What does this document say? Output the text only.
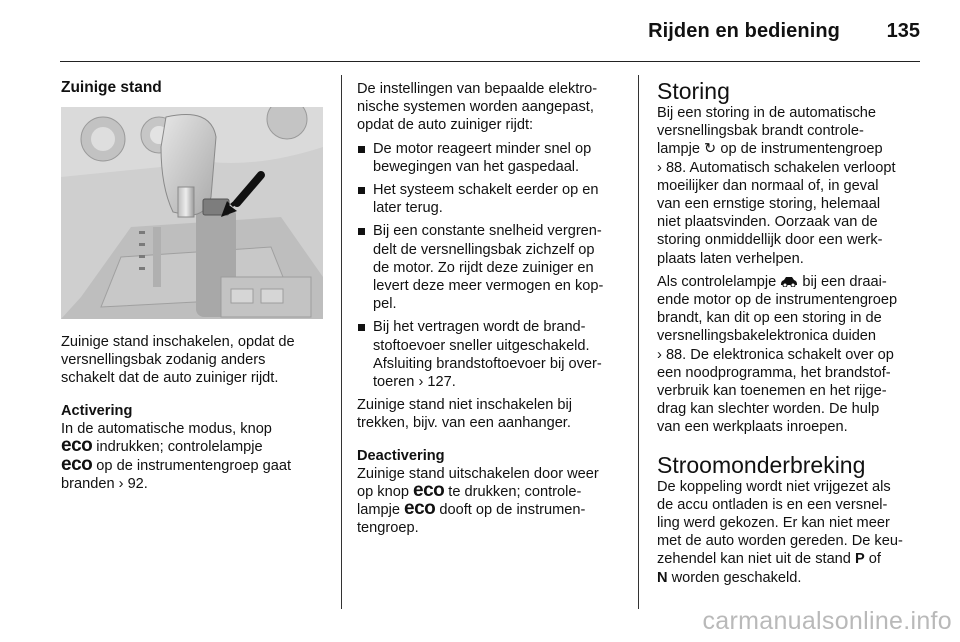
Rijden en bediening 135
Zuinige stand
Zuinige stand inschakelen, opdat de
versnellingsbak zodanig anders
schakelt dat de auto zuiniger rijdt.
Activering
In de automatische modus, knop
eco indrukken; controlelampje
eco op de instrumentengroep gaat
branden › 92.
De instellingen van bepaalde elektro-
nische systemen worden aangepast,
opdat de auto zuiniger rijdt:
De motor reageert minder snel op
bewegingen van het gaspedaal.
Het systeem schakelt eerder op en
later terug.
Bij een constante snelheid vergren-
delt de versnellingsbak zichzelf op
de motor. Zo rijdt deze zuiniger en
levert deze meer vermogen en kop-
pel.
Bij het vertragen wordt de brand-
stoftoevoer sneller uitgeschakeld.
Afsluiting brandstoftoevoer bij over-
toeren › 127.
Zuinige stand niet inschakelen bij
trekken, bijv. van een aanhanger.
Deactivering
Zuinige stand uitschakelen door weer
op knop eco te drukken; controle-
lampje eco dooft op de instrumen-
tengroep.
Storing
Bij een storing in de automatische
versnellingsbak brandt controle-
lampje ↻ op de instrumentengroep
› 88. Automatisch schakelen verloopt
moeilijker dan normaal of, in geval
van een ernstige storing, helemaal
niet plaatsvinden. Oorzaak van de
storing onmiddellijk door een werk-
plaats laten verhelpen.
Als controlelampje  bij een draai-
ende motor op de instrumentengroep
brandt, kan dit op een storing in de
versnellingsbakelektronica duiden
› 88. De elektronica schakelt over op
een noodprogramma, het brandstof-
verbruik kan toenemen en het rijge-
drag kan slechter worden. De hulp
van een werkplaats inroepen.
Stroomonderbreking
De koppeling wordt niet vrijgezet als
de accu ontladen is en een versnel-
ling werd gekozen. Er kan niet meer
met de auto worden gereden. De keu-
zehendel kan niet uit de stand P of
N worden geschakeld.
carmanualsonline.info
